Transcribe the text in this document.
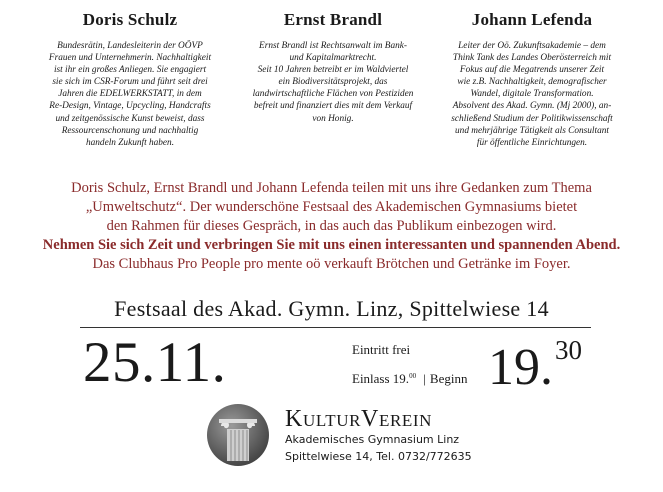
Doris Schulz

Bundesrätin, Landesleiterin der OÖVP
Frauen und Unternehmerin. Nachhaltigkeit
ist ihr ein großes Anliegen. Sie engagiert
sie sich im CSR-Forum und führt seit drei
Jahren die EDELWERKSTATT, in dem
Re-Design, Vintage, Upcycling, Handcrafts
und zeitgenössische Kunst beweist, dass
Ressourcenschonung und nachhaltig
handeln Zukunft haben.

Ernst Brandl

Ernst Brandl ist Rechtsanwalt im Bank-
und Kapitalmarktrecht.
Seit 10 Jahren betreibt er im Waldviertel
ein Biodiversitätsprojekt, das
landwirtschaftliche Flächen von Pestiziden
befreit und finanziert dies mit dem Verkauf
von Honig.

Johann Lefenda

Leiter der Oö. Zukunftsakademie – dem
Think Tank des Landes Oberösterreich mit
Fokus auf die Megatrends unserer Zeit
wie z.B. Nachhaltigkeit, demografischer
Wandel, digitale Transformation.
Absolvent des Akad. Gymn. (Mj 2000), an-
schließend Studium der Politikwissenschaft
und mehrjährige Tätigkeit als Consultant
für öffentliche Einrichtungen.

Doris Schulz, Ernst Brandl und Johann Lefenda teilen mit uns ihre Gedanken zum Thema
„Umweltschutz“. Der wunderschöne Festsaal des Akademischen Gymnasiums bietet
den Rahmen für dieses Gespräch, in das auch das Publikum einbezogen wird.
Nehmen Sie sich Zeit und verbringen Sie mit uns einen interessanten und spannenden Abend.
Das Clubhaus Pro People pro mente oö verkauft Brötchen und Getränke im Foyer.
Festsaal des Akad. Gymn. Linz, Spittelwiese 14
25.11.	Eintritt frei
Einlass 19.00 | Beginn 19.30
KULTURVEREIN
Akademisches Gymnasium Linz
Spittelwiese 14, Tel. 0732/772635
